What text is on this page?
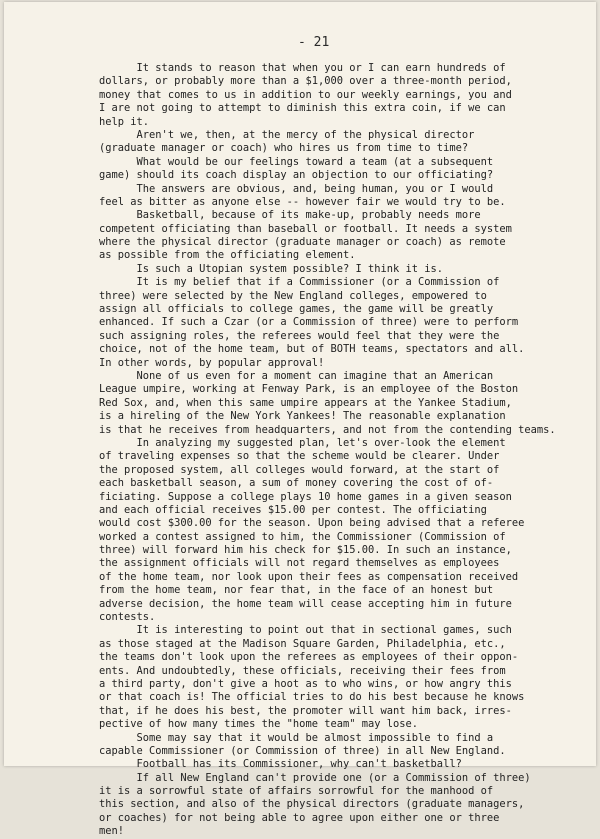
- 21
It stands to reason that when you or I can earn hundreds of
dollars, or probably more than a $1,000 over a three-month period,
money that comes to us in addition to our weekly earnings, you and
I are not going to attempt to diminish this extra coin, if we can
help it.
Aren't we, then, at the mercy of the physical director
(graduate manager or coach) who hires us from time to time?
What would be our feelings toward a team (at a subsequent
game) should its coach display an objection to our officiating?
The answers are obvious, and, being human, you or I would
feel as bitter as anyone else -- however fair we would try to be.
Basketball, because of its make-up, probably needs more
competent officiating than baseball or football. It needs a system
where the physical director (graduate manager or coach) as remote
as possible from the officiating element.
Is such a Utopian system possible? I think it is.
It is my belief that if a Commissioner (or a Commission of
three) were selected by the New England colleges, empowered to
assign all officials to college games, the game will be greatly
enhanced. If such a Czar (or a Commission of three) were to perform
such assigning roles, the referees would feel that they were the
choice, not of the home team, but of BOTH teams, spectators and all.
In other words, by popular approval!
None of us even for a moment can imagine that an American
League umpire, working at Fenway Park, is an employee of the Boston
Red Sox, and, when this same umpire appears at the Yankee Stadium,
is a hireling of the New York Yankees! The reasonable explanation
is that he receives from headquarters, and not from the contending teams.
In analyzing my suggested plan, let's over-look the element
of traveling expenses so that the scheme would be clearer. Under
the proposed system, all colleges would forward, at the start of
each basketball season, a sum of money covering the cost of of-
ficiating. Suppose a college plays 10 home games in a given season
and each official receives $15.00 per contest. The officiating
would cost $300.00 for the season. Upon being advised that a referee
worked a contest assigned to him, the Commissioner (Commission of
three) will forward him his check for $15.00. In such an instance,
the assignment officials will not regard themselves as employees
of the home team, nor look upon their fees as compensation received
from the home team, nor fear that, in the face of an honest but
adverse decision, the home team will cease accepting him in future
contests.
It is interesting to point out that in sectional games, such
as those staged at the Madison Square Garden, Philadelphia, etc.,
the teams don't look upon the referees as employees of their oppon-
ents. And undoubtedly, these officials, receiving their fees from
a third party, don't give a hoot as to who wins, or how angry this
or that coach is! The official tries to do his best because he knows
that, if he does his best, the promoter will want him back, irres-
pective of how many times the "home team" may lose.
Some may say that it would be almost impossible to find a
capable Commissioner (or Commission of three) in all New England.
Football has its Commissioner, why can't basketball?
If all New England can't provide one (or a Commission of three)
it is a sorrowful state of affairs sorrowful for the manhood of
this section, and also of the physical directors (graduate managers,
or coaches) for not being able to agree upon either one or three
men!
